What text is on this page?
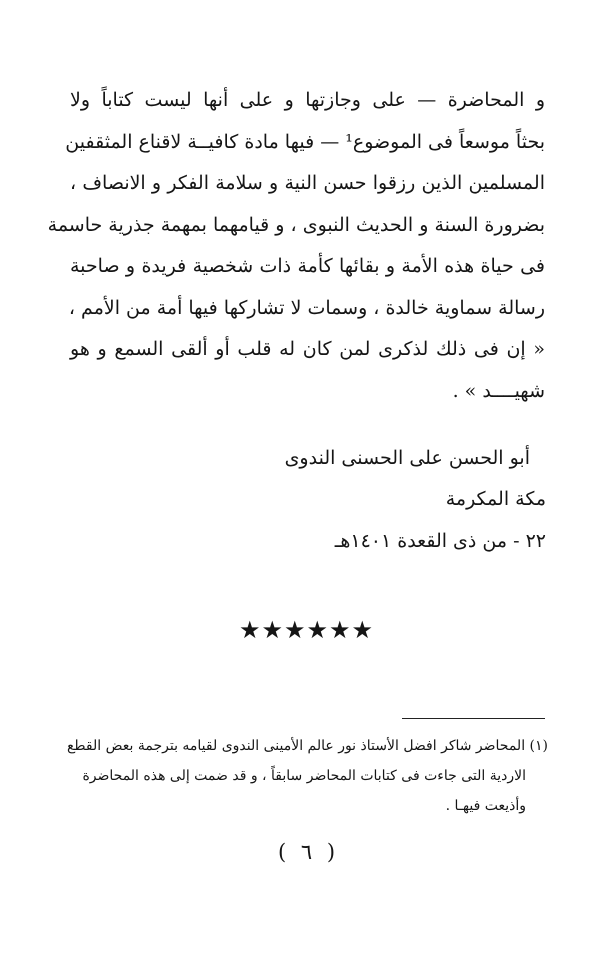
و المحاضرة — على وجازتها و على أنها ليست كتاباً ولا
بحثاً موسعاً فى الموضوع¹ — فيها مادة كافيــة لاقناع المثقفين
المسلمين الذين رزقوا حسن النية و سلامة الفكر و الانصاف ،
بضرورة السنة و الحديث النبوى ، و قيامهما بمهمة جذرية حاسمة
فى حياة هذه الأمة و بقائها كأمة ذات شخصية فريدة و صاحبة
رسالة سماوية خالدة ، وسمات لا تشاركها فيها أمة من الأمم ،
« إن فى ذلك لذكرى لمن كان له قلب أو ألقى السمع و هو
شهيــــد » .

أبو الحسن على الحسنى الندوى

مكة المكرمة

٢٢ - من ذى القعدة ١٤٠١هـ

★★★★★★

(١) المحاضر شاكر افضل الأستاذ نور عالم الأمينى الندوى لقيامه بترجمة بعض القطع
الاردية التى جاءت فى كتابات المحاضر سابقاً ، و قد ضمت إلى هذه المحاضرة
وأذيعت فيهـا .

( ٦ )
